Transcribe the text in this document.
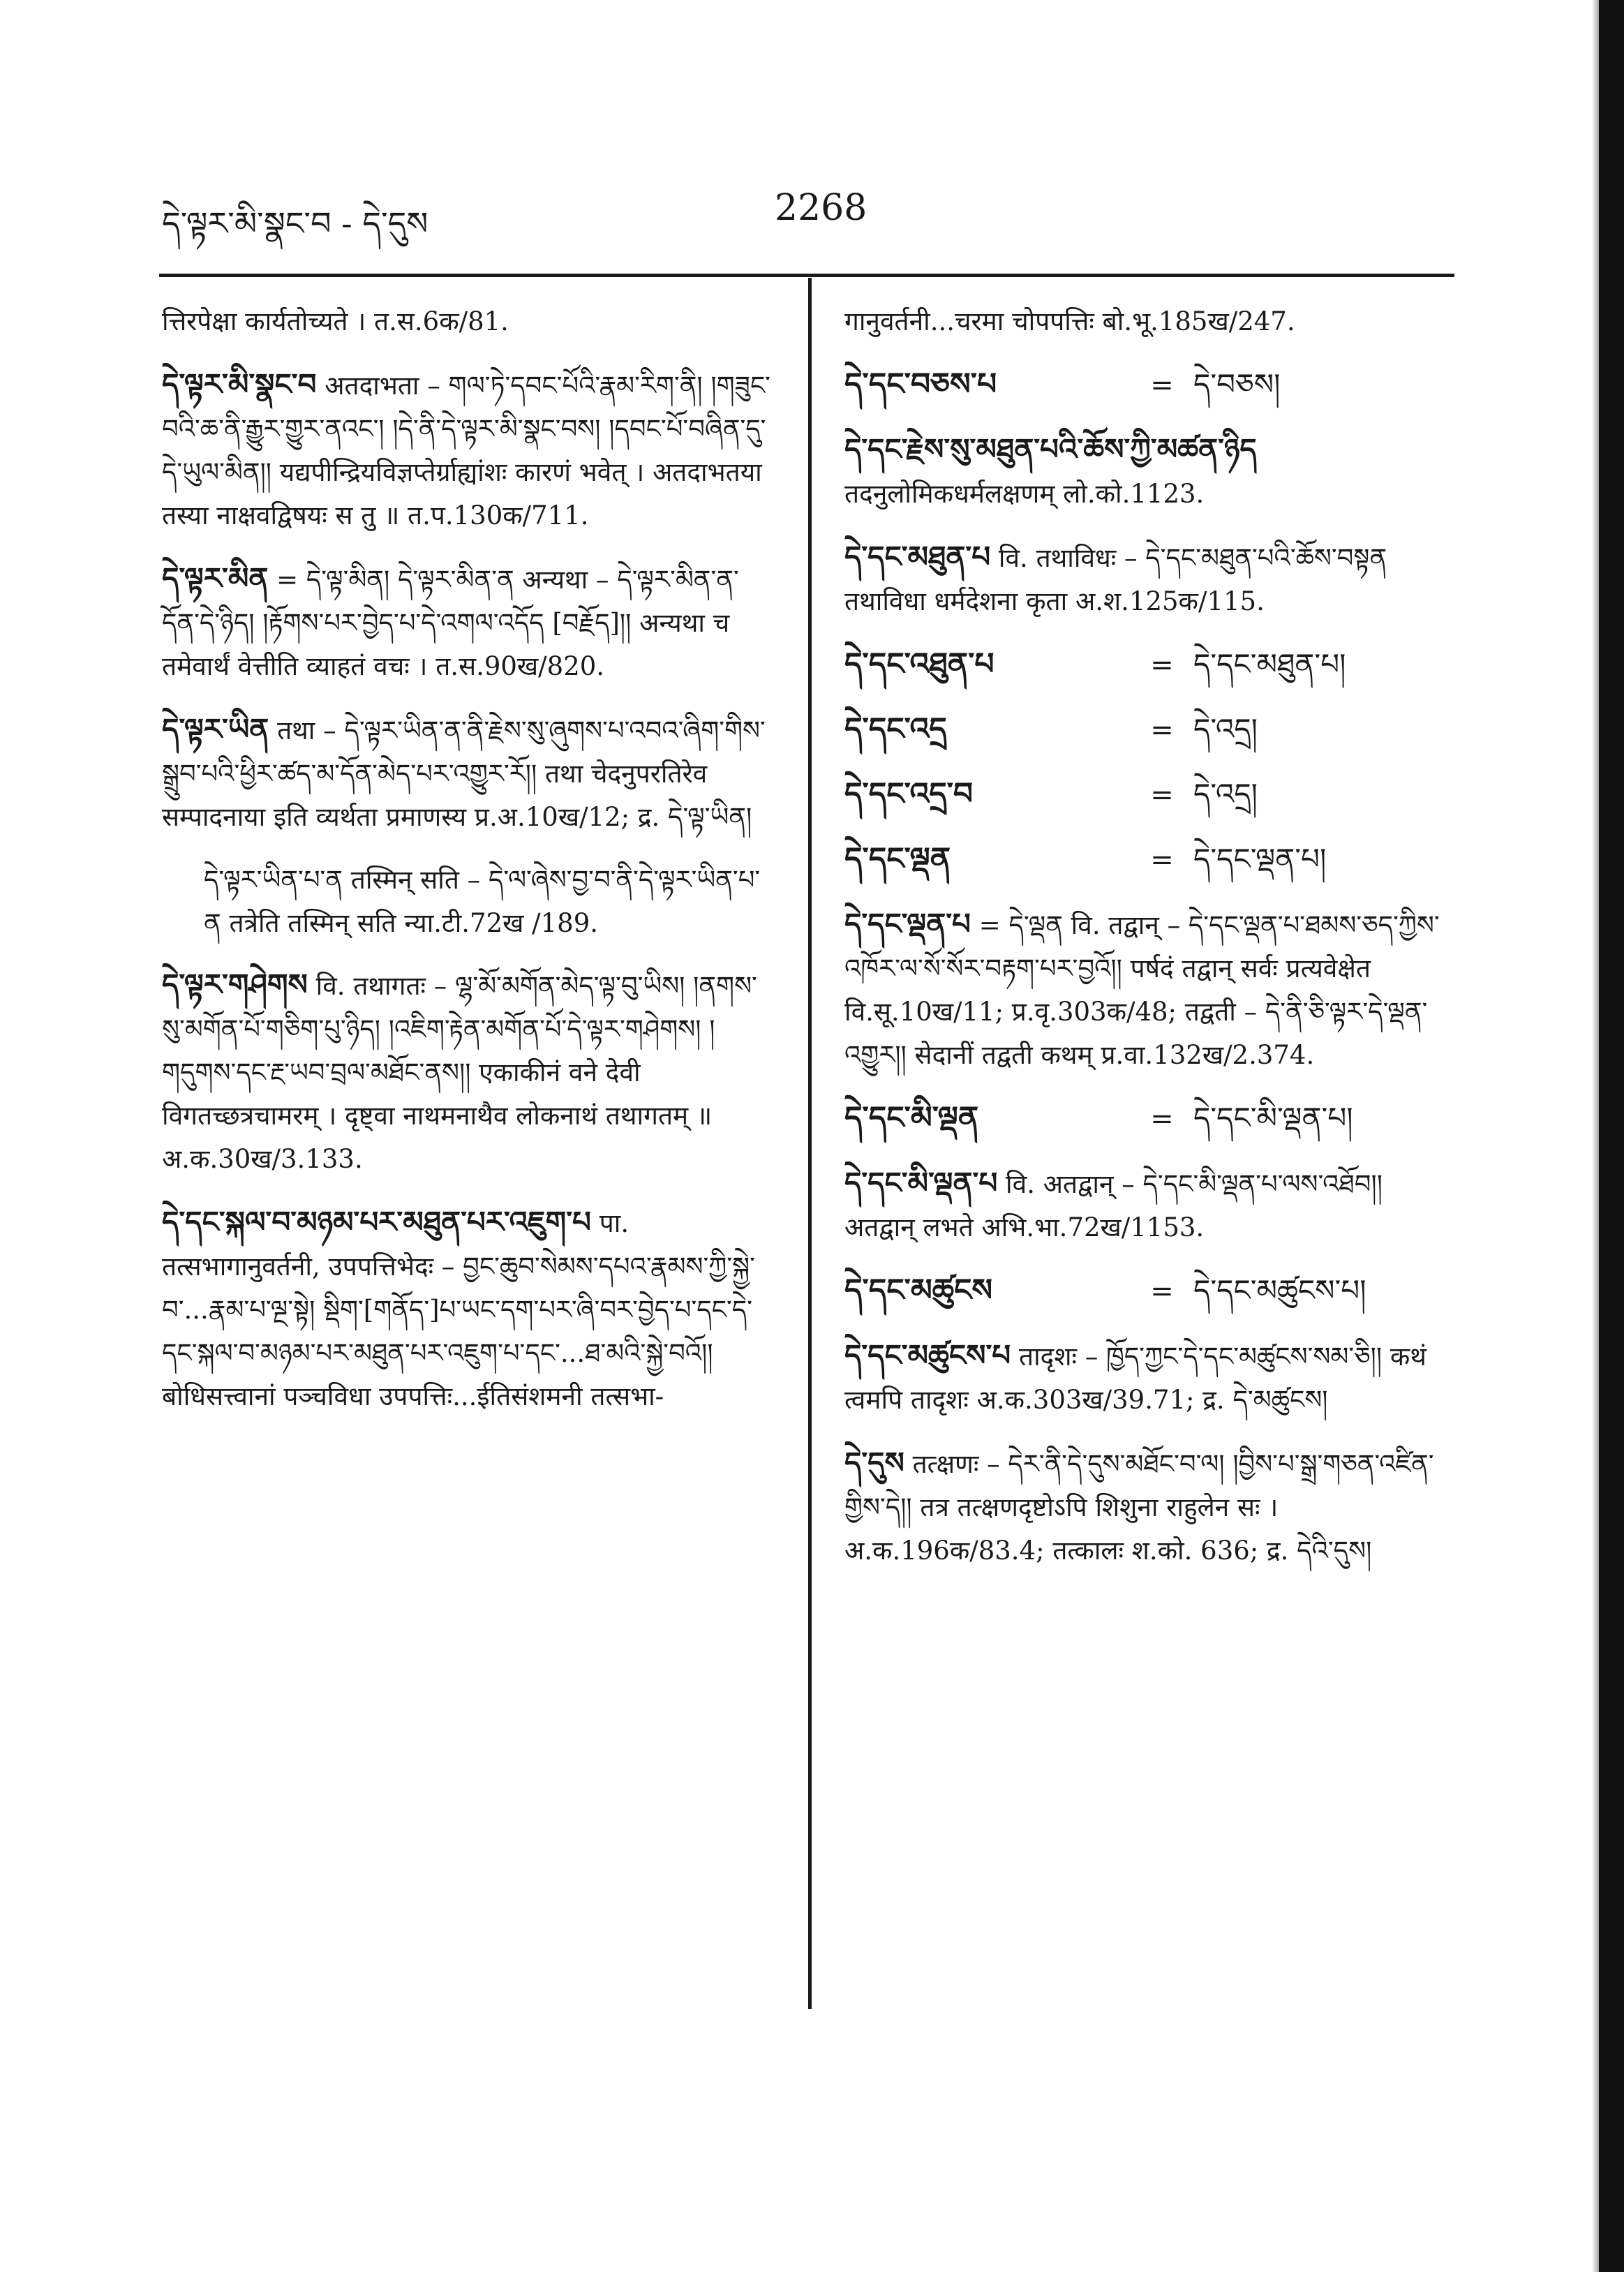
དེ་ལྟར་མི་སྣང་བ - དེ་དུས	2268
त्तिरपेक्षा कार्यतोच्यते । त.स.6क/81.
དེ་ལྟར་མི་སྣང་བ अतदाभता – གལ་ཏེ་དབང་པོའི་རྣམ་རིག་ནི། །གཟུང་བའི་ཆ་ནི་རྒྱུར་གྱུར་ནའང་། །དེ་ནི་དེ་ལྟར་མི་སྣང་བས། །དབང་པོ་བཞིན་དུ་དེ་ཡུལ་མིན།། यद्यपीन्द्रियविज्ञप्तेर्ग्राह्यांशः कारणं भवेत् । अतदाभतया तस्या नाक्षवद्विषयः स तु ॥ त.प.130क/711.
དེ་ལྟར་མིན = དེ་ལྟ་མིན། དེ་ལྟར་མིན་ན अन्यथा – དེ་ལྟར་མིན་ན་དོན་དེ་ཉིད། །རྟོགས་པར་བྱེད་པ་དེ་འགལ་འདོད [བརྗོད]།། अन्यथा च तमेवार्थं वेत्तीति व्याहतं वचः । त.स.90ख/820.
དེ་ལྟར་ཡིན तथा – དེ་ལྟར་ཡིན་ན་ནི་རྗེས་སུ་ཞུགས་པ་འབའ་ཞིག་གིས་སྒྲུབ་པའི་ཕྱིར་ཚད་མ་དོན་མེད་པར་འགྱུར་རོ།། तथा चेदनुपरतिरेव सम्पादनाया इति व्यर्थता प्रमाणस्य प्र.अ.10ख/12; द्र. དེ་ལྟ་ཡིན།
དེ་ལྟར་ཡིན་པ་ན तस्मिन् सति – དེ་ལ་ཞེས་བྱ་བ་ནི་དེ་ལྟར་ཡིན་པ་ན तत्रेति तस्मिन् सति न्या.टी.72ख /189.
དེ་ལྟར་གཤེགས वि. तथागतः – ལྷ་མོ་མགོན་མེད་ལྟ་བུ་ཡིས། །ནགས་སུ་མགོན་པོ་གཅིག་པུ་ཉིད། །འཇིག་རྟེན་མགོན་པོ་དེ་ལྟར་གཤེགས། །གདུགས་དང་རྔ་ཡབ་བྲལ་མཐོང་ནས།། एकाकीनं वने देवी विगतच्छत्रचामरम् । दृष्ट्वा नाथमनाथैव लोकनाथं तथागतम् ॥ अ.क.30ख/3.133.
དེ་དང་སྐལ་བ་མཉམ་པར་མཐུན་པར་འཇུག་པ पा. तत्सभागानुवर्तनी, उपपत्तिभेदः – བྱང་ཆུབ་སེམས་དཔའ་རྣམས་ཀྱི་སྐྱེ་བ་...རྣམ་པ་ལྔ་སྟེ། སྡིག་[གནོད་]པ་ཡང་དག་པར་ཞི་བར་བྱེད་པ་དང་དེ་དང་སྐལ་བ་མཉམ་པར་མཐུན་པར་འཇུག་པ་དང་...ཐ་མའི་སྐྱེ་བའོ།། बोधिसत्त्वानां पञ्चविधा उपपत्तिः...ईतिसंशमनी तत्सभा-
गानुवर्तनी...चरमा चोपपत्तिः बो.भू.185ख/247.
དེ་དང་བཅས་པ	= དེ་བཅས།
དེ་དང་རྗེས་སུ་མཐུན་པའི་ཆོས་ཀྱི་མཚན་ཉིད तदनुलोमिकधर्मलक्षणम् लो.को.1123.
དེ་དང་མཐུན་པ वि. तथाविधः – དེ་དང་མཐུན་པའི་ཆོས་བསྟན तथाविधा धर्मदेशना कृता अ.श.125क/115.
དེ་དང་འཐུན་པ	= དེ་དང་མཐུན་པ།
དེ་དང་འདྲ	= དེ་འདྲ།
དེ་དང་འདྲ་བ	= དེ་འདྲ།
དེ་དང་ལྡན	= དེ་དང་ལྡན་པ།
དེ་དང་ལྡན་པ = དེ་ལྡན वि. तद्वान् – དེ་དང་ལྡན་པ་ཐམས་ཅད་ཀྱིས་འཁོར་ལ་སོ་སོར་བརྟག་པར་བྱའོ།། पर्षदं तद्वान् सर्वः प्रत्यवेक्षेत वि.सू.10ख/11; प्र.वृ.303क/48; तद्वती – དེ་ནི་ཅི་ལྟར་དེ་ལྡན་འགྱུར།། सेदानीं तद्वती कथम् प्र.वा.132ख/2.374.
དེ་དང་མི་ལྡན	= དེ་དང་མི་ལྡན་པ།
དེ་དང་མི་ལྡན་པ वि. अतद्वान् – དེ་དང་མི་ལྡན་པ་ལས་འཐོབ།། अतद्वान् लभते अभि.भा.72ख/1153.
དེ་དང་མཚུངས	= དེ་དང་མཚུངས་པ།
དེ་དང་མཚུངས་པ तादृशः – ཁྱོད་ཀྱང་དེ་དང་མཚུངས་སམ་ཅི།། कथं त्वमपि तादृशः अ.क.303ख/39.71; द्र. དེ་མཚུངས།
དེ་དུས तत्क्षणः – དེར་ནི་དེ་དུས་མཐོང་བ་ལ། །བྱིས་པ་སྒྲ་གཅན་འཛིན་གྱིས་དེ།། तत्र तत्क्षणदृष्टोऽपि शिशुना राहुलेन सः । अ.क.196क/83.4; तत्कालः श.को. 636; द्र. དེའི་དུས།
